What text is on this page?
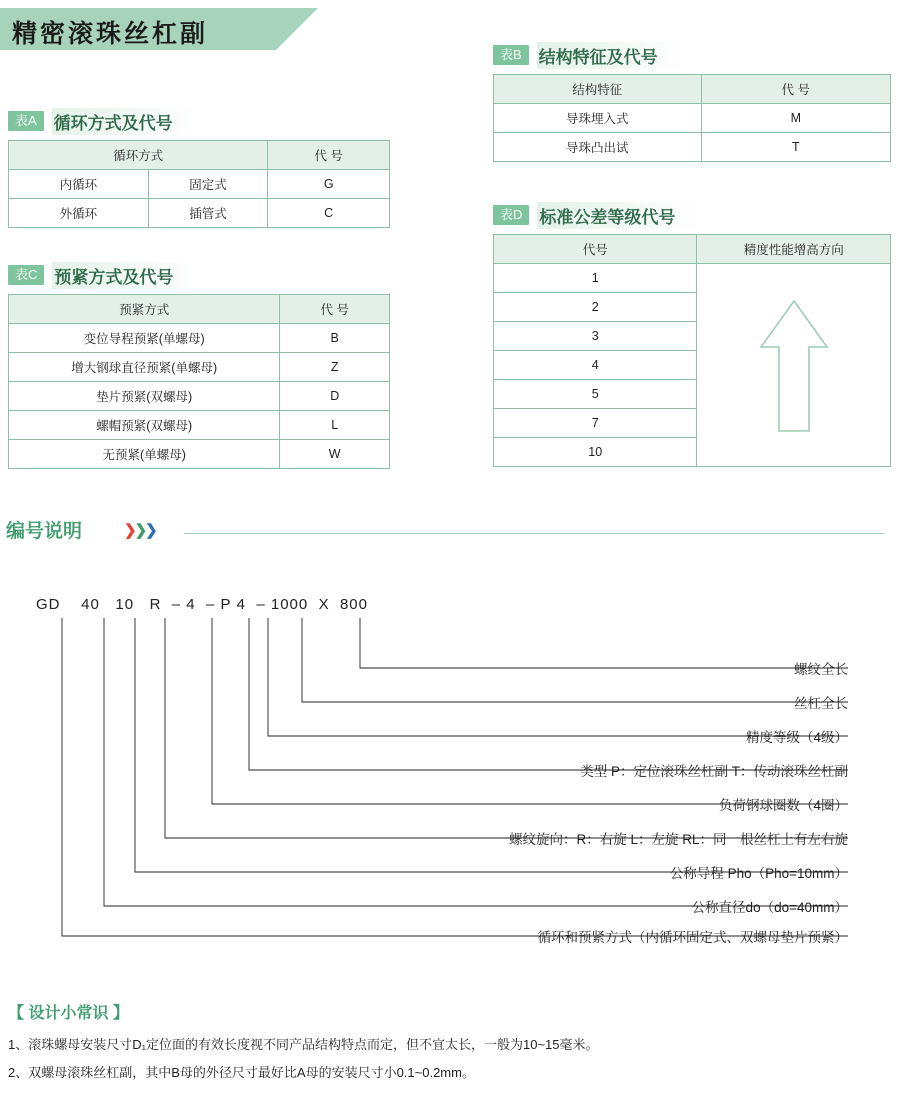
精密滚珠丝杠副
表A	循环方式及代号
循环方式		代 号
内循环	固定式	G
外循环	插管式	C
表B	结构特征及代号
结构特征	代 号
导珠埋入式	M
导珠凸出试	T
表C	预紧方式及代号
预紧方式	代 号
变位导程预紧(单螺母)	B
增大钢球直径预紧(单螺母)	Z
垫片预紧(双螺母)	D
螺帽预紧(双螺母)	L
无预紧(单螺母)	W
表D	标准公差等级代号
代号	精度性能增高方向
1	

2	
3	
4	
5	
7	
10	
编号说明	❯❯❯
GD 40 10 R – 4 – P 4 – 1000 X 800
螺纹全长
丝杠全长
精度等级（4级）
类型 P：定位滚珠丝杠副 T：传动滚珠丝杠副
负荷钢球圈数（4圈）
螺纹旋向：R：右旋 L：左旋 RL：同一根丝杠上有左右旋
公称导程 Pho（Pho=10mm）
公称直径do（do=40mm）
循环和预紧方式（内循环固定式、双螺母垫片预紧）
【 设计小常识 】
1、滚珠螺母安装尺寸D₁定位面的有效长度视不同产品结构特点而定，但不宜太长，一般为10~15毫米。
2、双螺母滚珠丝杠副，其中B母的外径尺寸最好比A母的安装尺寸小0.1~0.2mm。
